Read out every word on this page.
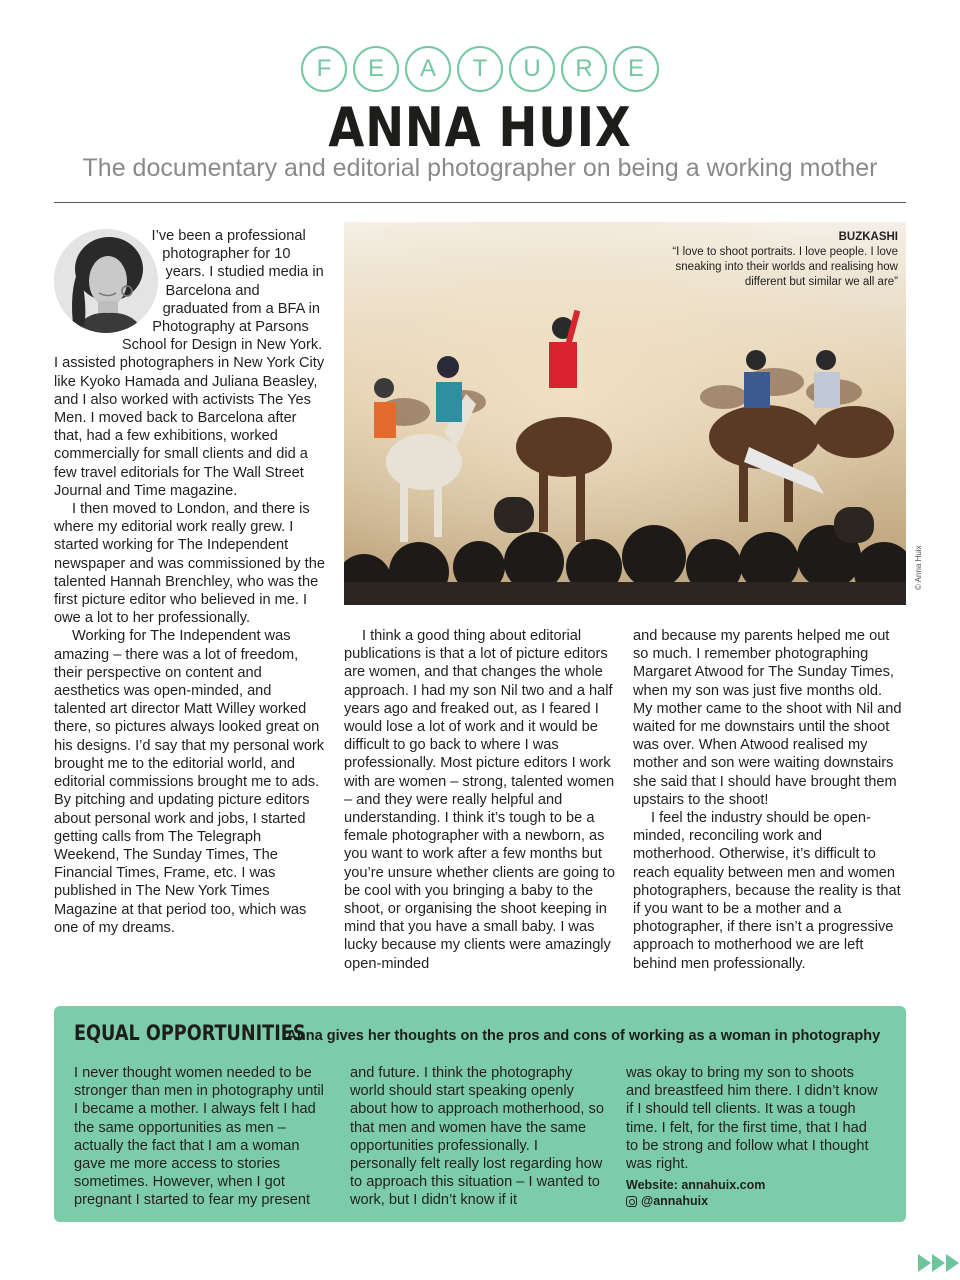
F	E	A	T	U	R	E
ANNA HUIX
The documentary and editorial photographer on being a working mother

I’ve been a professional photographer for 10 years. I studied media in Barcelona and graduated from a BFA in Photography at Parsons School for Design in New York. I assisted photographers in New York City like Kyoko Hamada and Juliana Beasley, and I also worked with activists The Yes Men. I moved back to Barcelona after that, had a few exhibitions, worked commercially for small clients and did a few travel editorials for The Wall Street Journal and Time magazine.

I then moved to London, and there is where my editorial work really grew. I started working for The Independent newspaper and was commissioned by the talented Hannah Brenchley, who was the first picture editor who believed in me. I owe a lot to her professionally.

Working for The Independent was amazing – there was a lot of freedom, their perspective on content and aesthetics was open-minded, and talented art director Matt Willey worked there, so pictures always looked great on his designs. I’d say that my personal work brought me to the editorial world, and editorial commissions brought me to ads. By pitching and updating picture editors about personal work and jobs, I started getting calls from The Telegraph Weekend, The Sunday Times, The Financial Times, Frame, etc. I was published in The New York Times Magazine at that period too, which was one of my dreams.

BUZKASHI
“I love to shoot portraits. I love people. I love sneaking into their worlds and realising how different but similar we all are”
© Anna Huix

I think a good thing about editorial publications is that a lot of picture editors are women, and that changes the whole approach. I had my son Nil two and a half years ago and freaked out, as I feared I would lose a lot of work and it would be difficult to go back to where I was professionally. Most picture editors I work with are women – strong, talented women – and they were really helpful and understanding. I think it’s tough to be a female photographer with a newborn, as you want to work after a few months but you’re unsure whether clients are going to be cool with you bringing a baby to the shoot, or organising the shoot keeping in mind that you have a small baby. I was lucky because my clients were amazingly open-minded

and because my parents helped me out so much. I remember photographing Margaret Atwood for The Sunday Times, when my son was just five months old. My mother came to the shoot with Nil and waited for me downstairs until the shoot was over. When Atwood realised my mother and son were waiting downstairs she said that I should have brought them upstairs to the shoot!

I feel the industry should be open-minded, reconciling work and motherhood. Otherwise, it’s difficult to reach equality between men and women photographers, because the reality is that if you want to be a mother and a photographer, if there isn’t a progressive approach to motherhood we are left behind men professionally.

EQUAL OPPORTUNITIES Anna gives her thoughts on the pros and cons of working as a woman in photography
I never thought women needed to be stronger than men in photography until I became a mother. I always felt I had the same opportunities as men – actually the fact that I am a woman gave me more access to stories sometimes. However, when I got pregnant I started to fear my present
and future. I think the photography world should start speaking openly about how to approach motherhood, so that men and women have the same opportunities professionally. I personally felt really lost regarding how to approach this situation – I wanted to work, but I didn’t know if it
was okay to bring my son to shoots and breastfeed him there. I didn’t know if I should tell clients. It was a tough time. I felt, for the first time, that I had to be strong and follow what I thought was right.
Website: annahuix.com
@annahuix
